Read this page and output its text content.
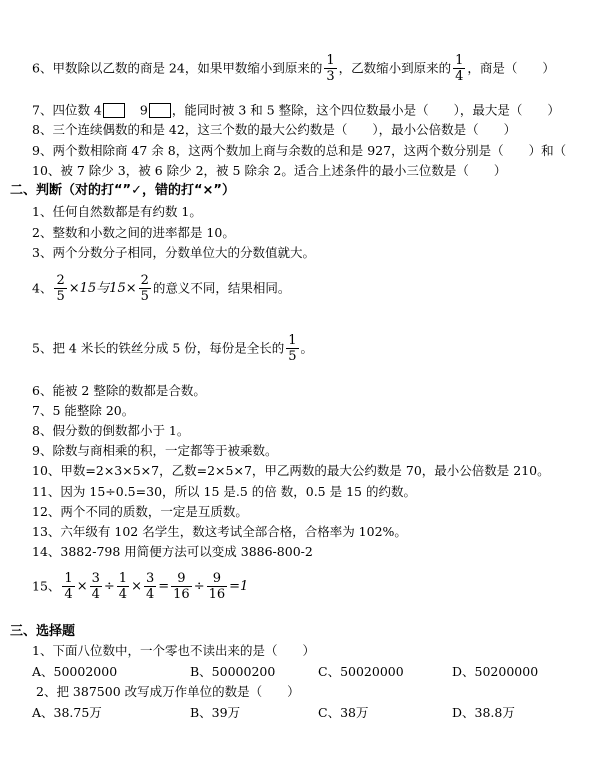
6、甲数除以乙数的商是 24，如果甲数缩小到原来的 $\frac{1}{3}$ ，乙数缩小到原来的 $\frac{1}{4}$ ，商是（　　）
7、四位数 4	9 ，能同时被 3 和 5 整除，这个四位数最小是（　　），最大是（　　）
8、三个连续偶数的和是 42，这三个数的最大公约数是（　　），最小公倍数是（　　）
9、两个数相除商 47 余 8，这两个数加上商与余数的总和是 927，这两个数分别是（　　）和（
10、被 7 除少 3，被 6 除少 2，被 5 除余 2。适合上述条件的最小三位数是（　　）
二、判断（对的打“”✓，错的打“×”）
1、任何自然数都是有约数 1。
2、整数和小数之间的进率都是 10。
3、两个分数分子相同，分数单位大的分数值就大。
4、 $\frac{2}{5} \times 15$与$15\times \frac{2}{5}$ 的意义不同，结果相同。
5、把 4 米长的铁丝分成 5 份，每份是全长的 $\frac{1}{5}$ 。
6、能被 2 整除的数都是合数。
7、5 能整除 20。
8、假分数的倒数都小于 1。
9、除数与商相乘的积，一定都等于被乘数。
10、甲数=2×3×5×7，乙数=2×5×7，甲乙两数的最大公约数是 70，最小公倍数是 210。
11、因为 15÷0.5=30，所以 15 是.5 的倍 数，0.5 是 15 的约数。
12、两个不同的质数，一定是互质数。
13、六年级有 102 名学生，数这考试全部合格，合格率为 102%。
14、3882-798 用简便方法可以变成 3886-800-2
15、 $\frac{1}{4} \times \frac{3}{4} \div \frac{1}{4} \times \frac{3}{4} = \frac{9}{16} \div \frac{9}{16} =1$
三、选择题
1、下面八位数中，一个零也不读出来的是（　　）
A、50002000	B、50000200	C、50020000	D、50200000
2、把 387500 改写成万作单位的数是（　　）
A、38.75万	B、39万	C、38万	D、38.8万
